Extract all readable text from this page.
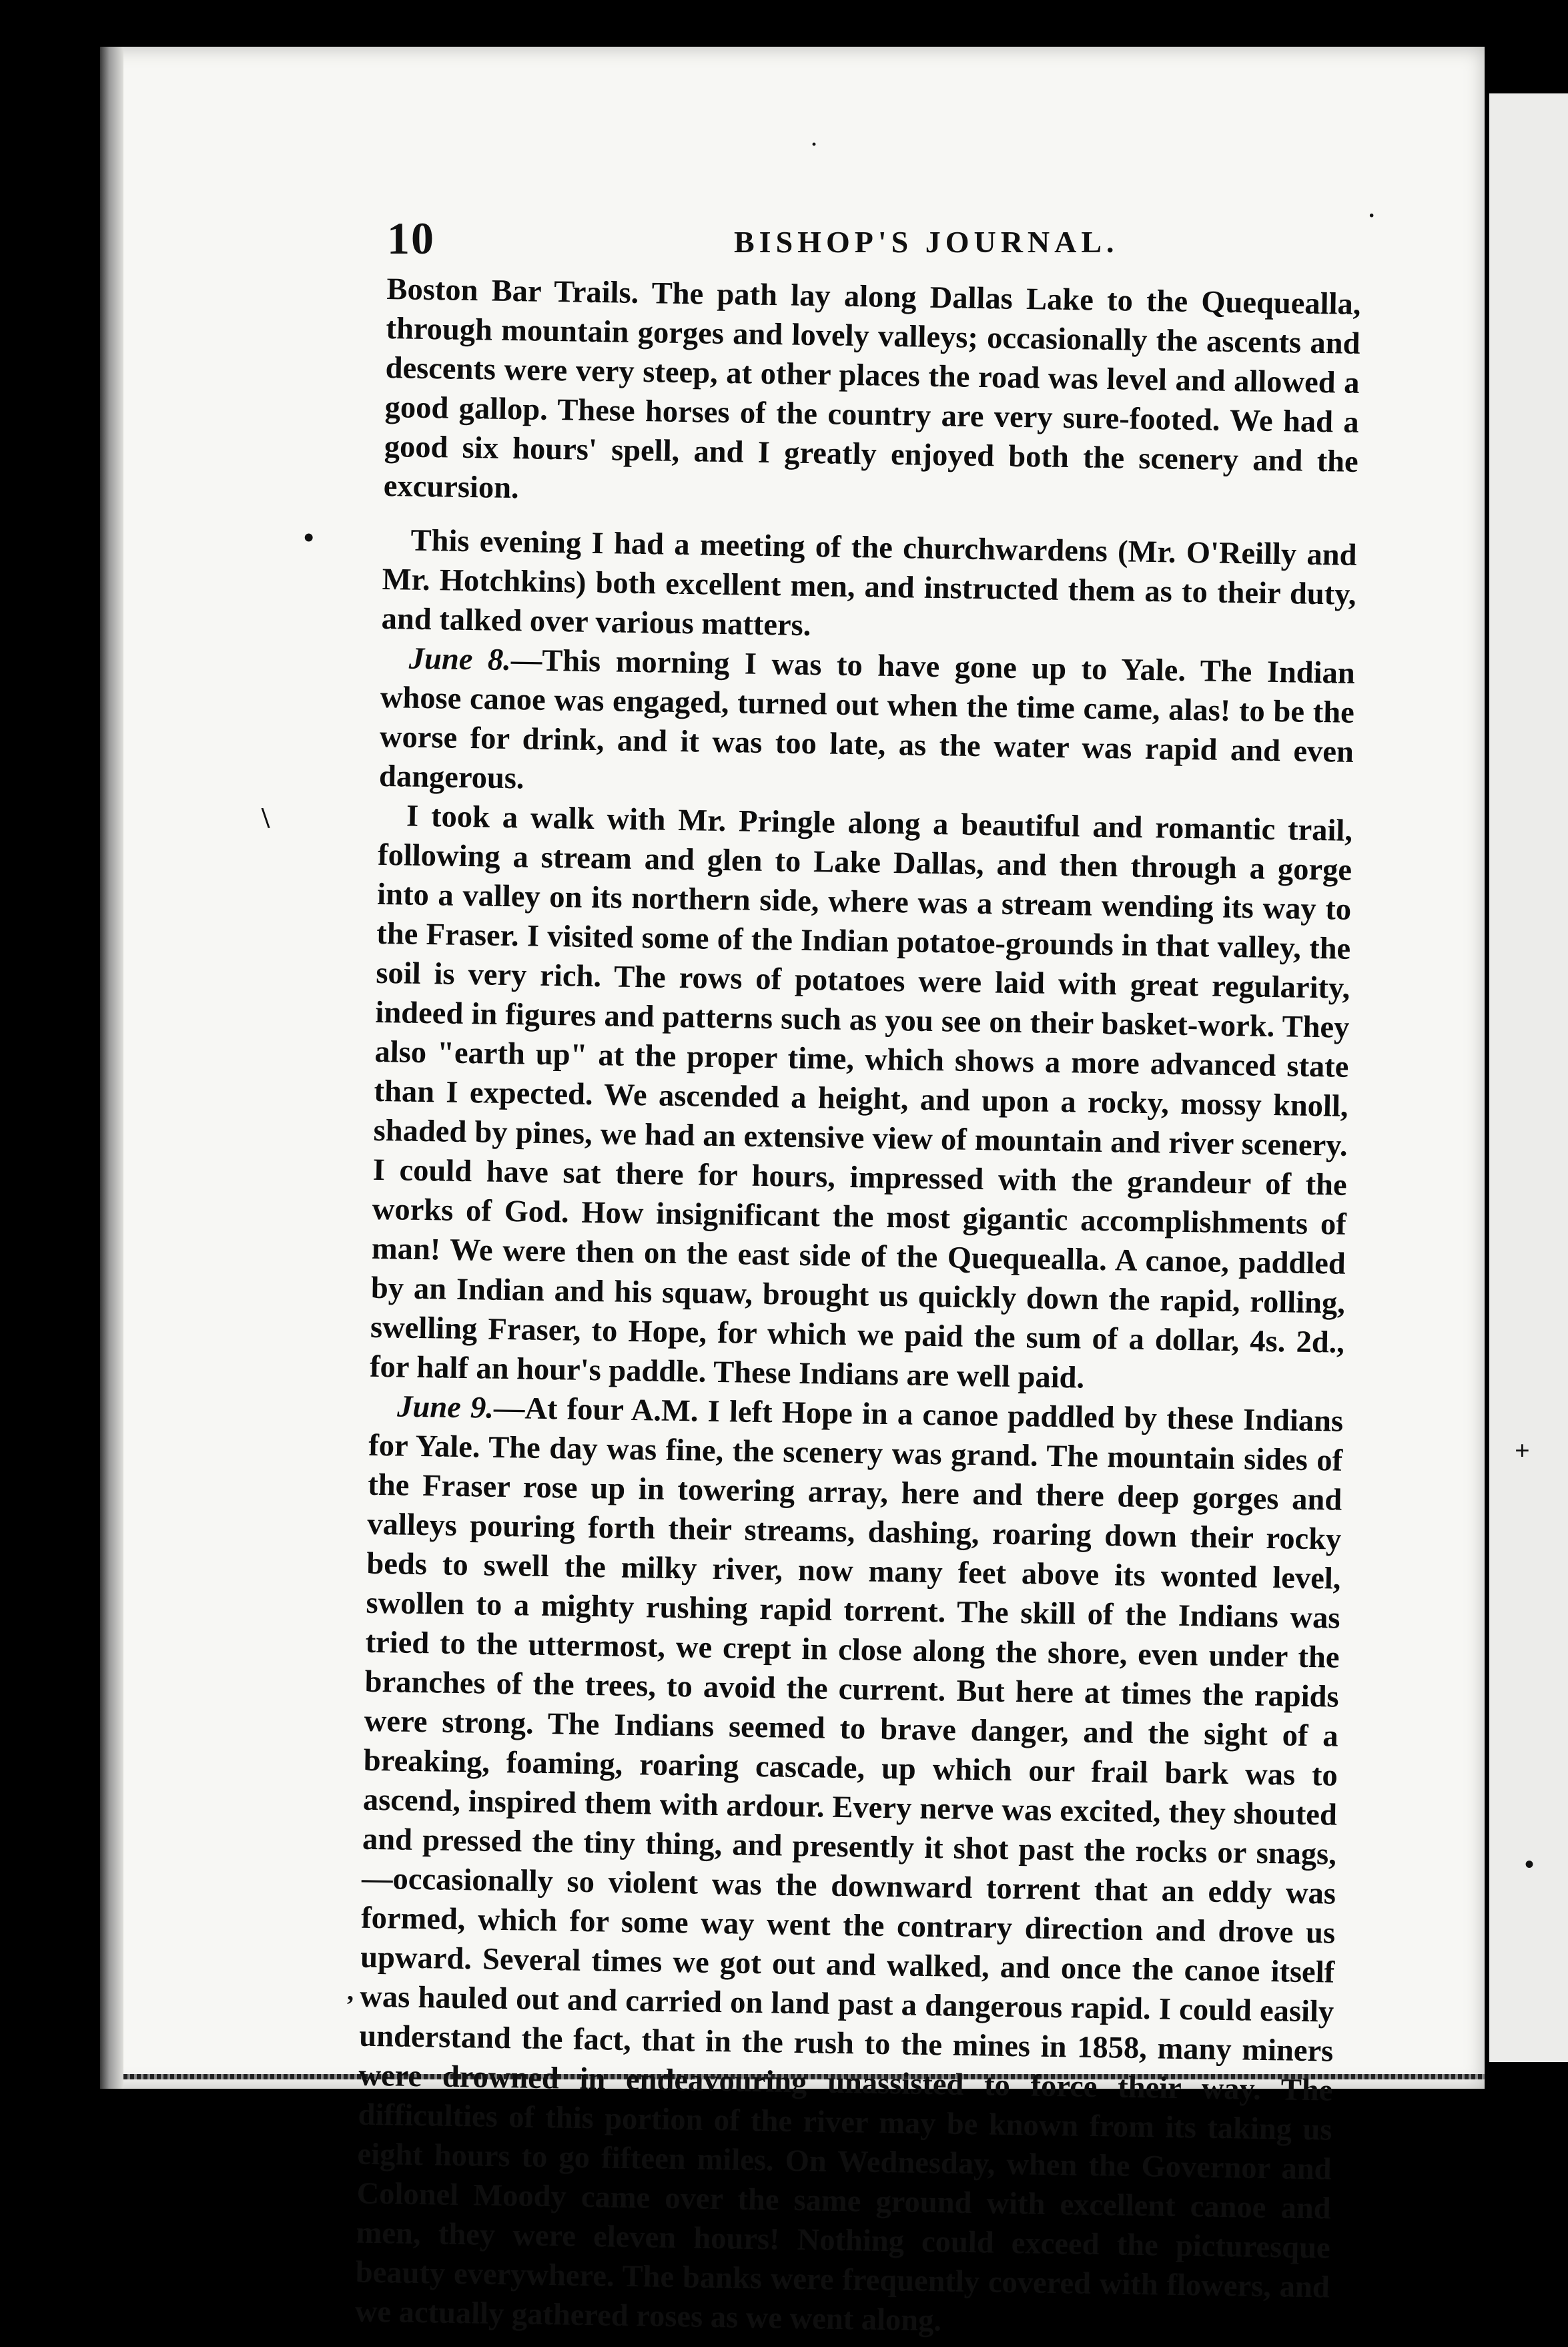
·
·
•
\
+
•
,
10	BISHOP'S JOURNAL.

Boston Bar Trails. The path lay along Dallas Lake to the Quequealla, through mountain gorges and lovely valleys; occasionally the ascents and descents were very steep, at other places the road was level and allowed a good gallop. These horses of the country are very sure-footed. We had a good six hours' spell, and I greatly enjoyed both the scenery and the excursion.

This evening I had a meeting of the churchwardens (Mr. O'Reilly and Mr. Hotchkins) both excellent men, and instructed them as to their duty, and talked over various matters.

June 8.—This morning I was to have gone up to Yale. The Indian whose canoe was engaged, turned out when the time came, alas! to be the worse for drink, and it was too late, as the water was rapid and even dangerous.

I took a walk with Mr. Pringle along a beautiful and romantic trail, following a stream and glen to Lake Dallas, and then through a gorge into a valley on its northern side, where was a stream wending its way to the Fraser. I visited some of the Indian potatoe-grounds in that valley, the soil is very rich. The rows of potatoes were laid with great regularity, indeed in figures and patterns such as you see on their basket-work. They also "earth up" at the proper time, which shows a more advanced state than I expected. We ascended a height, and upon a rocky, mossy knoll, shaded by pines, we had an extensive view of mountain and river scenery. I could have sat there for hours, impressed with the grandeur of the works of God. How insignificant the most gigantic accomplishments of man! We were then on the east side of the Quequealla. A canoe, paddled by an Indian and his squaw, brought us quickly down the rapid, rolling, swelling Fraser, to Hope, for which we paid the sum of a dollar, 4s. 2d., for half an hour's paddle. These Indians are well paid.

June 9.—At four A.M. I left Hope in a canoe paddled by these Indians for Yale. The day was fine, the scenery was grand. The mountain sides of the Fraser rose up in towering array, here and there deep gorges and valleys pouring forth their streams, dashing, roaring down their rocky beds to swell the milky river, now many feet above its wonted level, swollen to a mighty rushing rapid torrent. The skill of the Indians was tried to the uttermost, we crept in close along the shore, even under the branches of the trees, to avoid the current. But here at times the rapids were strong. The Indians seemed to brave danger, and the sight of a breaking, foaming, roaring cascade, up which our frail bark was to ascend, inspired them with ardour. Every nerve was excited, they shouted and pressed the tiny thing, and presently it shot past the rocks or snags,—occasionally so violent was the downward torrent that an eddy was formed, which for some way went the contrary direction and drove us upward. Several times we got out and walked, and once the canoe itself was hauled out and carried on land past a dangerous rapid. I could easily understand the fact, that in the rush to the mines in 1858, many miners were drowned in endeavouring unassisted to force their way. The difficulties of this portion of the river may be known from its taking us eight hours to go fifteen miles. On Wednesday, when the Governor and Colonel Moody came over the same ground with excellent canoe and men, they were eleven hours! Nothing could exceed the picturesque beauty everywhere. The banks were frequently covered with flowers, and we actually gathered roses as we went along.
